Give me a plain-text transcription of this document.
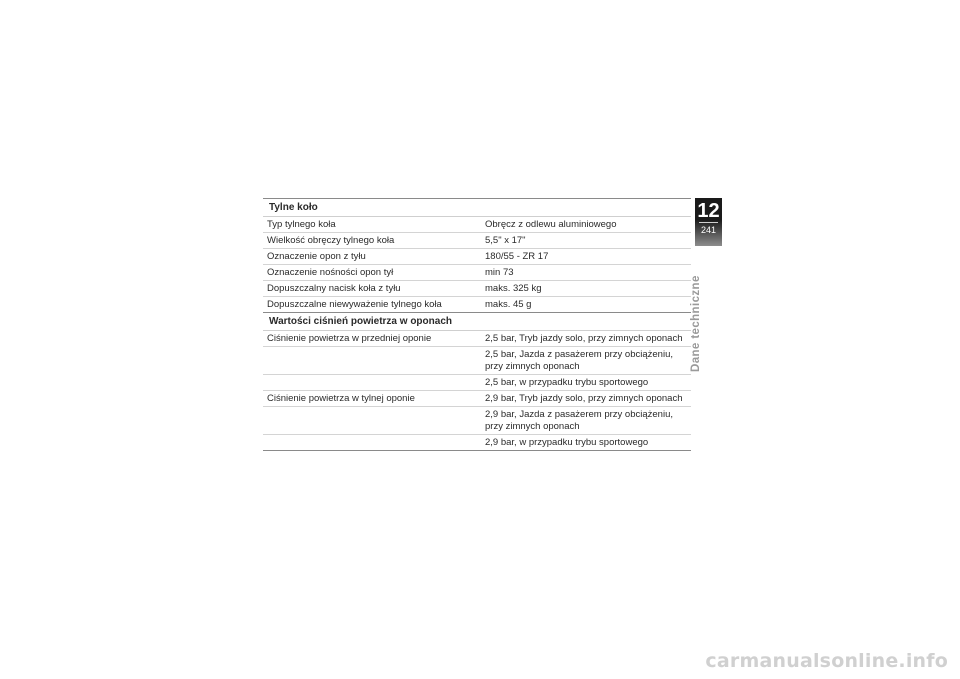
Tylne koło
Typ tylnego koła	Obręcz z odlewu aluminiowego
Wielkość obręczy tylnego koła	5,5" x 17"
Oznaczenie opon z tyłu	180/55 - ZR 17
Oznaczenie nośności opon tył	min 73
Dopuszczalny nacisk koła z tyłu	maks. 325 kg
Dopuszczalne niewyważenie tylnego koła	maks. 45 g
Wartości ciśnień powietrza w oponach
Ciśnienie powietrza w przedniej oponie	2,5 bar, Tryb jazdy solo, przy zimnych oponach
2,5 bar, Jazda z pasażerem przy obciążeniu, przy zimnych oponach
2,5 bar, w przypadku trybu sportowego
Ciśnienie powietrza w tylnej oponie	2,9 bar, Tryb jazdy solo, przy zimnych oponach
2,9 bar, Jazda z pasażerem przy obciążeniu, przy zimnych oponach
2,9 bar, w przypadku trybu sportowego
12
241
Dane techniczne
carmanualsonline.info
